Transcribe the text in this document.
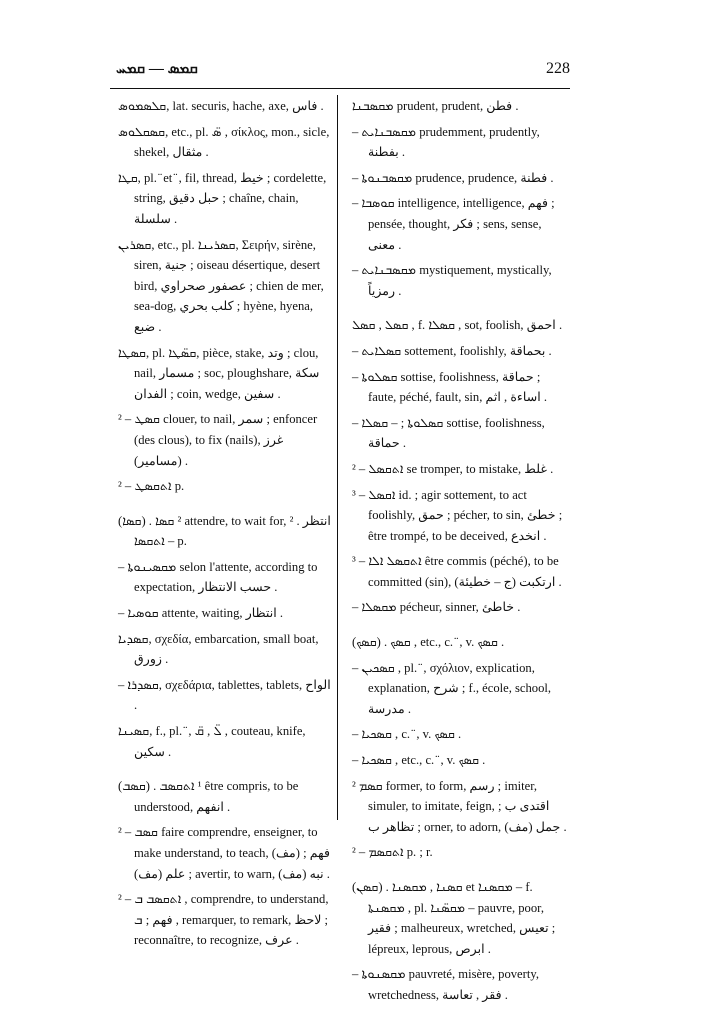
ܩܡܣ — ܩܡܚ	228
ܩܠܣܡܘܣ, lat. securis, hache, axe, فاس .
ܩܣܩܠܘܣ, etc., pl. ܣ̈ , σίκλος, mon., sicle, shekel, مثقال .
ܩܛܐ, pl. ̈ et ̈ , fil, thread, خيط ; cordelette, string, حبل دقيق ; chaîne, chain, سلسلة .
ܩܣܪܝܢ, etc., pl. ܩܣܪܝܢܐ, Σειρήν, sirène, siren, جنية ; oiseau désertique, desert bird, عصفور صحراوي ; chien de mer, sea-dog, كلب بحري ; hyène, hyena, ضبع .
ܩܣܛܐ, pl. ܩܣ̈ܛܐ, pièce, stake, وتد ; clou, nail, مسمار ; soc, ploughshare, سكة الفدان ; coin, wedge, سفين .
ܩܣܛ ‒ ² clouer, to nail, سمر ; enfoncer (des clous), to fix (nails), غرز (مسامير) .
² ‒ ܐܬܩܣܛ p.
(ܩܣܐ) . ² ܩܣܐ attendre, to wait for, انتظر . ² ‒ ܐܬܩܣܐ p.
‒ ܡܩܣܝܢܘܬܐ selon l'attente, according to expectation, حسب الانتظار .
‒ ܩܘܣܝܐ attente, waiting, انتظار .
ܩܣܕܝܐ, σχεδία, embarcation, small boat, زورق .
‒ ܩܣܕܪܐ, σχεδάρια, tablettes, tablets, الواح .
ܩܣܝܢܐ, f., pl. ̈ , ܠ̈ , ܩ̈ , couteau, knife, سكين .
(ܩܣܒ) . ¹ ܐܬܩܣܒ être compris, to be understood, انفهم .
² ‒ ܩܣܒ faire comprendre, enseigner, to make understand, to teach, (مف) فهم ; علم (مف) ; avertir, to warn, (مف) نبه .
² ‒ ܐܬܩܣܒ ܒ , comprendre, to understand, فهم ; ܒ , remarquer, to remark, لاحظ ; reconnaître, to recognize, عرف .
ܡܩܣܒܢܐ prudent, prudent, فطن .
‒ ܡܩܣܒܢܐܝܬ prudemment, prudently, بفطنة .
‒ ܡܩܣܒܢܘܬܐ prudence, prudence, فطنة .
‒ ܩܘܣܒܐ intelligence, intelligence, فهم ; pensée, thought, فكر ; sens, sense, معنى .
‒ ܡܩܣܒܢܐܝܬ mystiquement, mystically, رمزياً .
ܩܣܠ , ܩܣܠ , f. ܩܣܠܐ , sot, foolish, احمق .
‒ ܩܣܠܐܝܬ sottement, foolishly, بحماقة .
‒ ܩܣܠܘܬܐ sottise, foolishness, حماقة ; faute, péché, fault, sin, اساءة , اثم .
‒ ܩܣܠܘܬܐ ; ‒ ܩܣܠܐ sottise, foolishness, حماقة .
² ‒ ܐܬܩܣܠ se tromper, to mistake, غلط .
³ ‒ ܐܩܣܠ id. ; agir sottement, to act foolishly, حمق ; pécher, to sin, خطئ ; être trompé, to be deceived, انخدع .
³ ‒ ܐܬܩܣܠ ܐܠܐ être commis (péché), to be committed (sin), ارتكبت (ج ‒ خطيئة) .
‒ ܡܩܣܠܐ pécheur, sinner, خاطئ .
(ܩܣܟ) . ܩܣܟ , etc., c. ̈ , v. ܩܣܟ .
‒ ܩܣܟܝܢ , pl. ̈ , σχόλιον, explication, explanation, شرح ; f., école, school, مدرسة .
‒ ܩܣܟܝܐ , c. ̈ , v. ܩܣܟ .
‒ ܩܣܟܝܐ , etc., c. ̈ , v. ܩܣܟ .
² ܩܣܡ former, to form, رسم ; imiter, simuler, to imitate, feign, اقتدى ب ; تظاهر ب ; orner, to adorn, (مف) جمل .
² ‒ ܐܬܩܣܡ p. ; r.
(ܩܣܢ) . ܩܣܢܐ , ܡܩܣܢܐ et ܡܩܣܢܐ ‒ f. ܡܩܣܢܬܐ , pl. ܡܩܣ̈ܢܐ ‒ pauvre, poor, فقير ; malheureux, wretched, تعيس ; lépreux, leprous, ابرص .
‒ ܡܩܣܢܘܬܐ pauvreté, misère, poverty, wretchedness, فقر , تعاسة .
